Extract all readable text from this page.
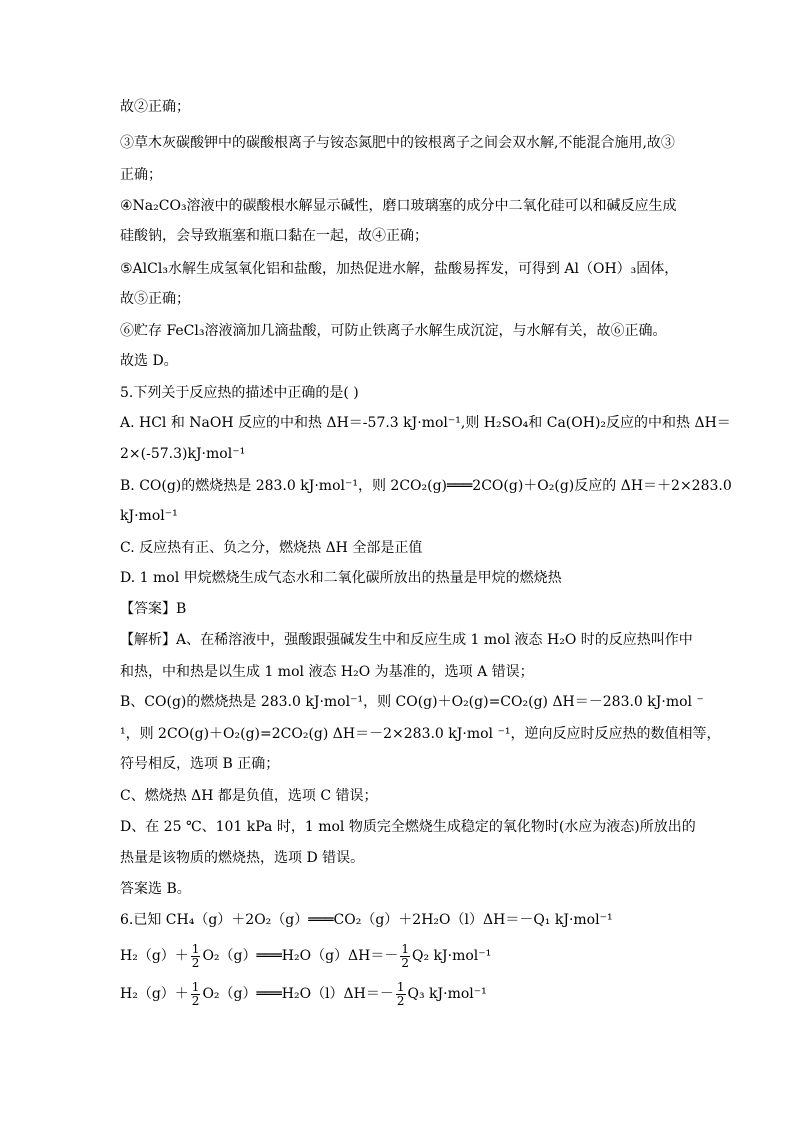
故②正确；
③草木灰碳酸钾中的碳酸根离子与铵态氮肥中的铵根离子之间会双水解,不能混合施用,故③
正确；
④Na₂CO₃溶液中的碳酸根水解显示碱性，磨口玻璃塞的成分中二氧化硅可以和碱反应生成
硅酸钠，会导致瓶塞和瓶口黏在一起，故④正确；
⑤AlCl₃水解生成氢氧化铝和盐酸，加热促进水解，盐酸易挥发，可得到 Al（OH）₃固体，
故⑤正确；
⑥贮存 FeCl₃溶液滴加几滴盐酸，可防止铁离子水解生成沉淀，与水解有关，故⑥正确。
故选 D。
5.下列关于反应热的描述中正确的是( )
A. HCl 和 NaOH 反应的中和热 ΔH＝-57.3 kJ·mol⁻¹,则 H₂SO₄和 Ca(OH)₂反应的中和热 ΔH＝
2×(-57.3)kJ·mol⁻¹
B. CO(g)的燃烧热是 283.0 kJ·mol⁻¹，则 2CO₂(g)═══2CO(g)＋O₂(g)反应的 ΔH＝＋2×283.0
kJ·mol⁻¹
C. 反应热有正、负之分，燃烧热 ΔH 全部是正值
D. 1 mol 甲烷燃烧生成气态水和二氧化碳所放出的热量是甲烷的燃烧热
【答案】B
【解析】A、在稀溶液中，强酸跟强碱发生中和反应生成 1 mol 液态 H₂O 时的反应热叫作中
和热，中和热是以生成 1 mol 液态 H₂O 为基准的，选项 A 错误；
B、CO(g)的燃烧热是 283.0 kJ·mol⁻¹，则 CO(g)＋O₂(g)=CO₂(g) ΔH＝－283.0 kJ·mol ⁻
¹，则 2CO(g)＋O₂(g)=2CO₂(g) ΔH＝－2×283.0 kJ·mol ⁻¹，逆向反应时反应热的数值相等，
符号相反，选项 B 正确；
C、燃烧热 ΔH 都是负值，选项 C 错误；
D、在 25 ℃、101 kPa 时，1 mol 物质完全燃烧生成稳定的氧化物时(水应为液态)所放出的
热量是该物质的燃烧热，选项 D 错误。
答案选 B。
6.已知 CH₄（g）＋2O₂（g）═══CO₂（g）＋2H₂O（l）ΔH＝－Q₁ kJ·mol⁻¹
$H_2(g)+ \frac{1}{2}$ O₂（g）═══H₂O（g）ΔH＝－ $\frac{1}{2} Q_2$ kJ·mol⁻¹
$H_2(g)+ \frac{1}{2}$ O₂（g）═══H₂O（l）ΔH＝－ $\frac{1}{2} Q_3$ kJ·mol⁻¹
